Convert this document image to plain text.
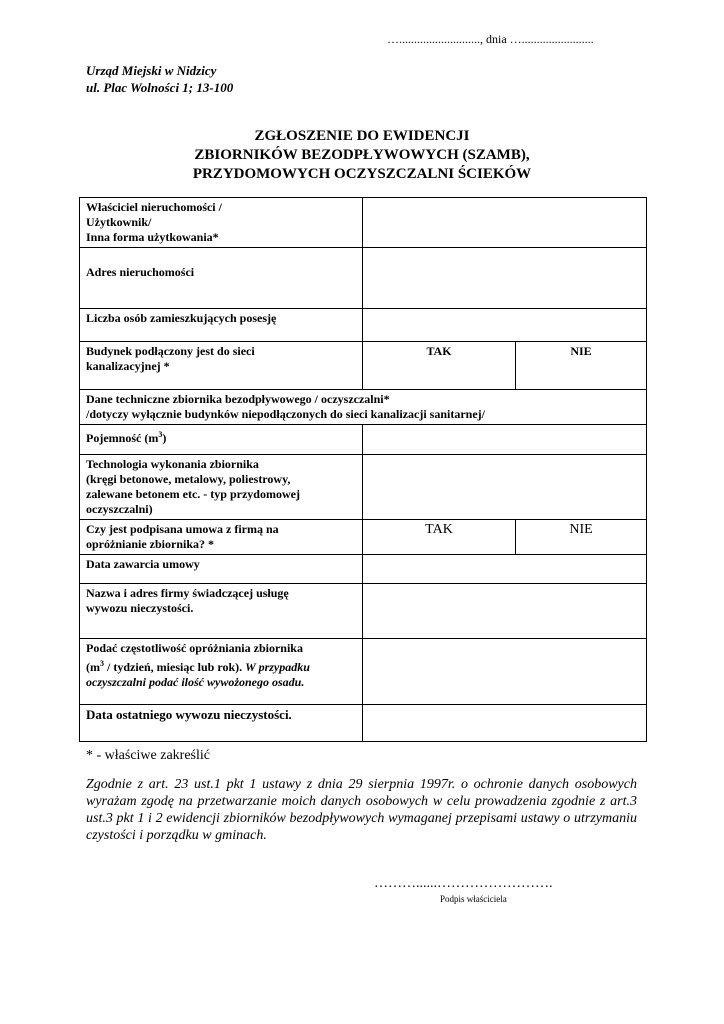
…..........................., dnia …........................
Urząd Miejski w Nidzicy
ul. Plac Wolności 1; 13-100
ZGŁOSZENIE DO EWIDENCJI
ZBIORNIKÓW BEZODPŁYWOWYCH (SZAMB),
PRZYDOMOWYCH OCZYSZCZALNI ŚCIEKÓW
Właściciel nieruchomości /
Użytkownik/
Inna forma użytkowania*		

Adres nieruchomości		
Liczba osób zamieszkujących posesję		

Budynek podłączony jest do sieci
kanalizacyjnej *	TAK	NIE

Dane techniczne zbiornika bezodpływowego / oczyszczalni*
/dotyczy wyłącznie budynków niepodłączonych do sieci kanalizacji sanitarnej/		

Pojemność $(m^3)$		

Technologia wykonania zbiornika
(kręgi betonowe, metalowy, poliestrowy,
zalewane betonem etc. - typ przydomowej
oczyszczalni)		

Czy jest podpisana umowa z firmą na
opróżnianie zbiornika? *	TAK	NIE
Data zawarcia umowy		

Nazwa i adres firmy świadczącej usługę
wywozu nieczystości.		

Podać częstotliwość opróżniania zbiornika
($m^3$ / tydzień, miesiąc lub rok). W przypadku
oczyszczalni podać ilość wywożonego osadu.		

Data ostatniego wywozu nieczystości.		
* - właściwe zakreślić
Zgodnie z art. 23 ust.1 pkt 1 ustawy z dnia 29 sierpnia 1997r. o ochronie danych osobowych wyrażam zgodę na przetwarzanie moich danych osobowych w celu prowadzenia zgodnie z art.3 ust.3 pkt 1 i 2 ewidencji zbiorników bezodpływowych wymaganej przepisami ustawy o utrzymaniu czystości i porządku w gminach.
………......…………………….
Podpis właściciela
